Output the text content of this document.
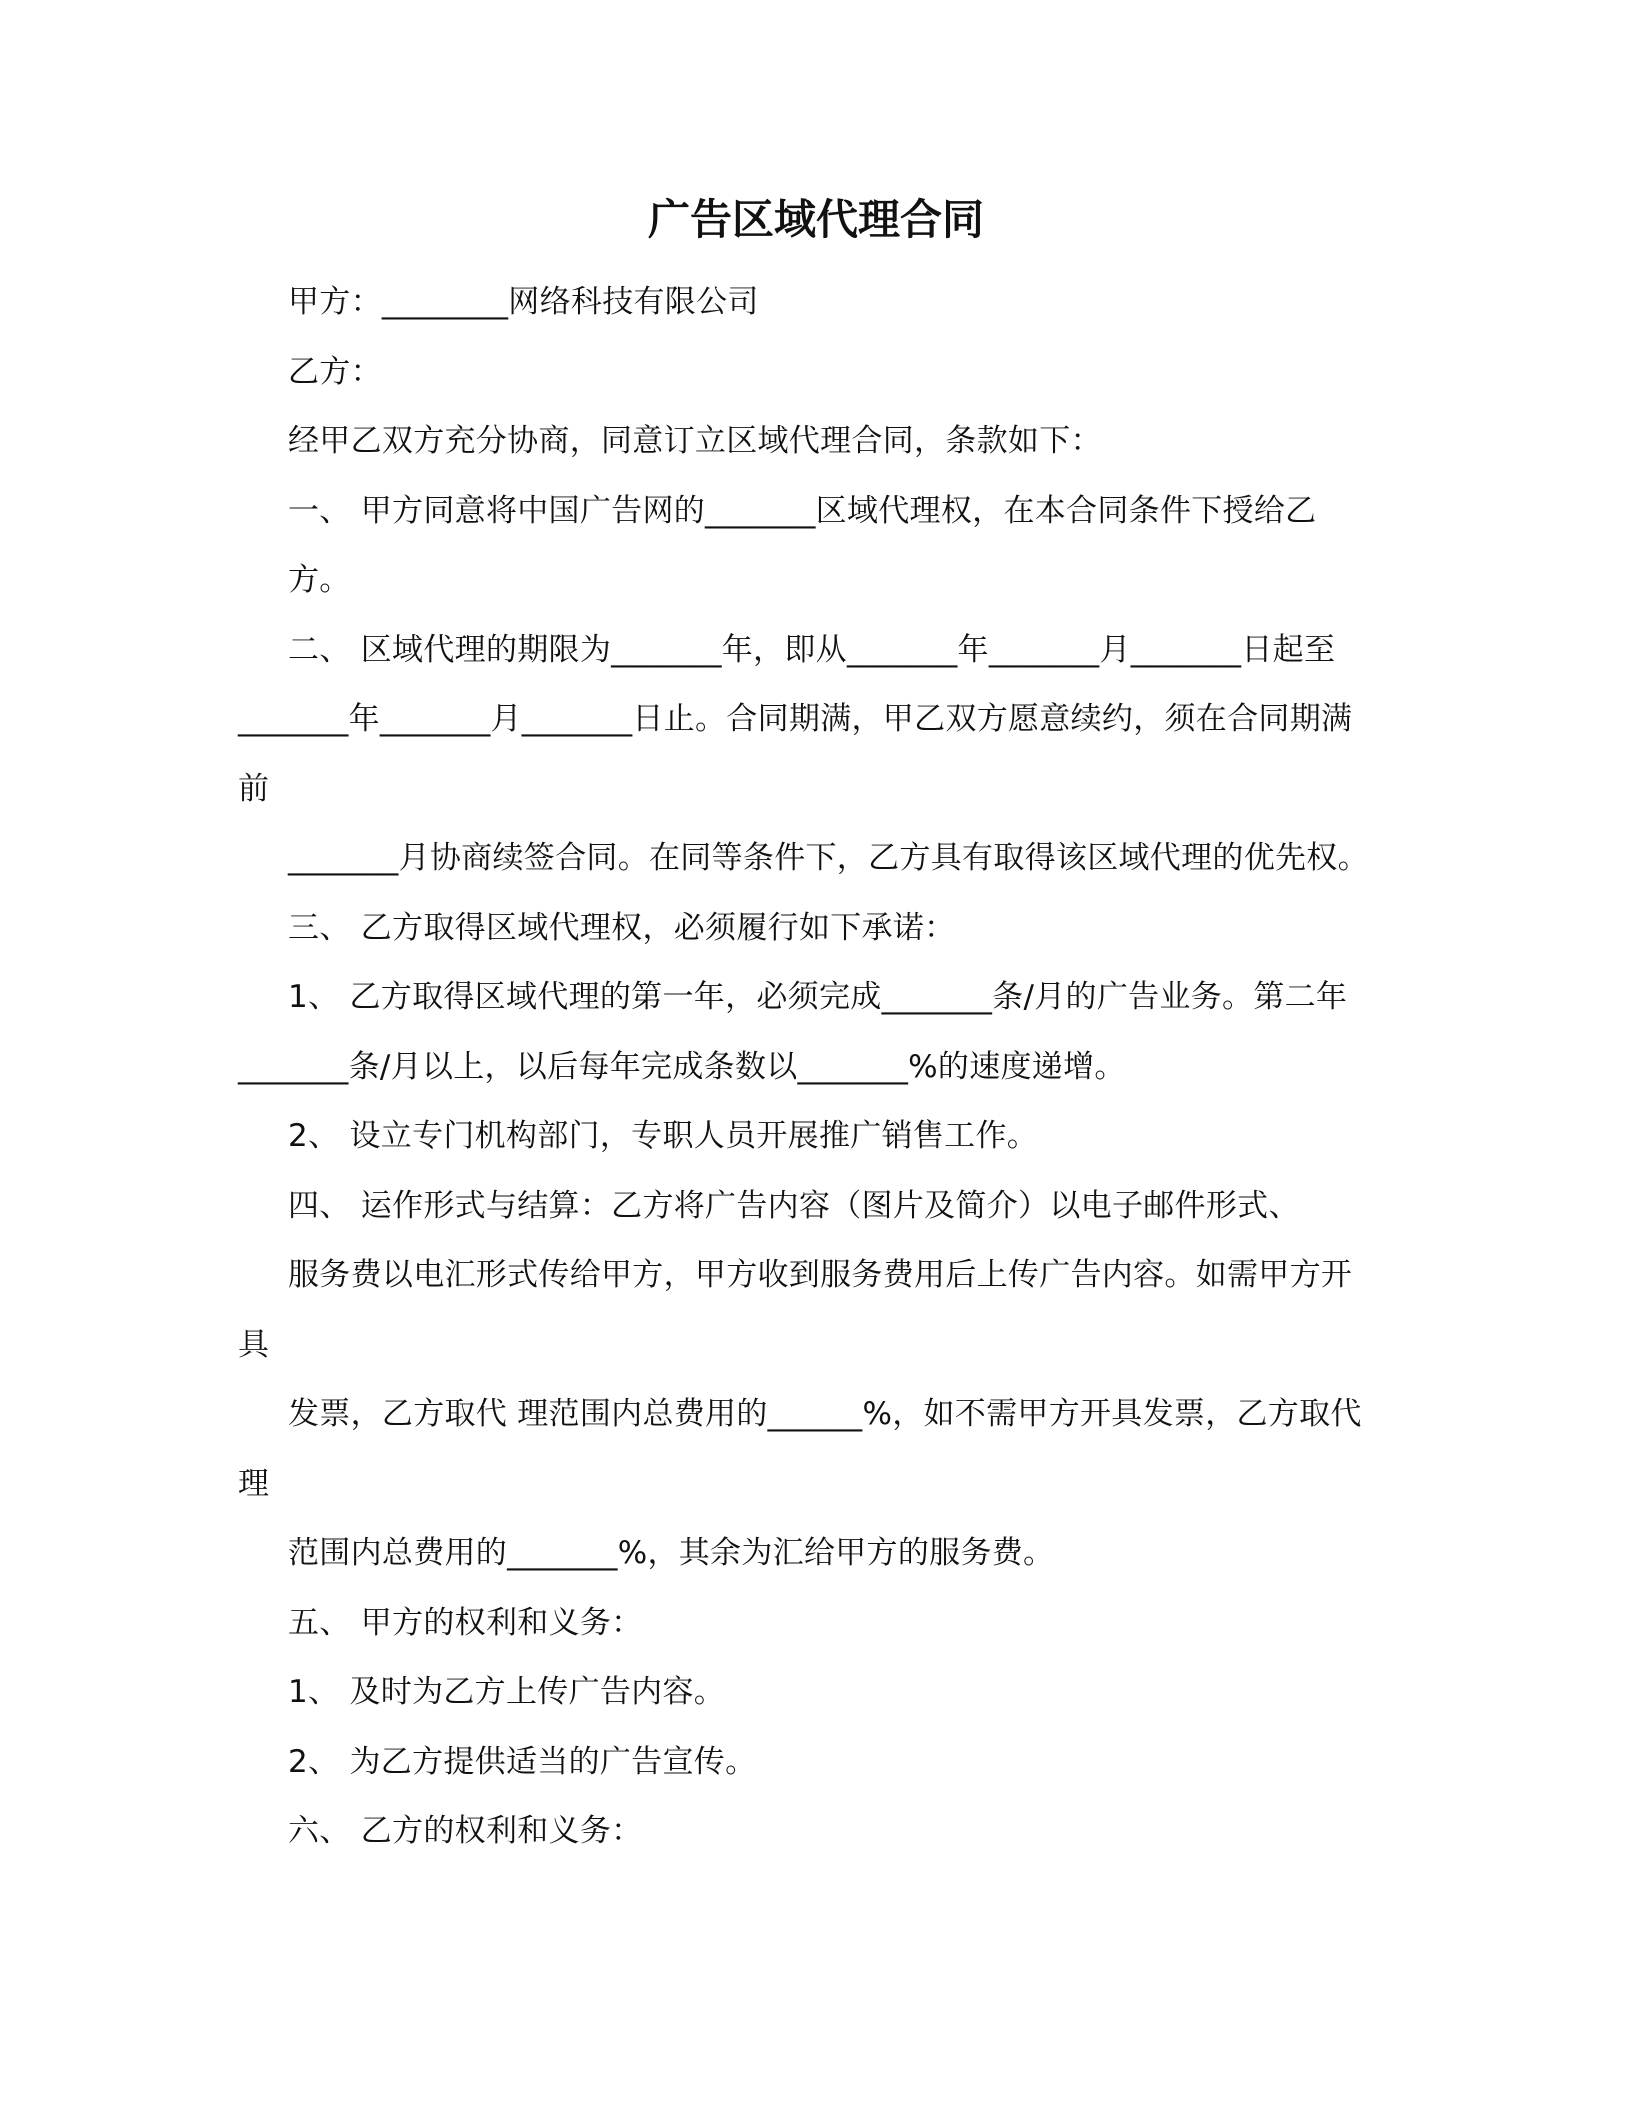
广告区域代理合同
甲方：________网络科技有限公司
乙方：
经甲乙双方充分协商，同意订立区域代理合同，条款如下：
一、 甲方同意将中国广告网的_______区域代理权，在本合同条件下授给乙
方。
二、 区域代理的期限为_______年，即从_______年_______月_______日起至
_______年_______月_______日止。合同期满，甲乙双方愿意续约，须在合同期满
前
_______月协商续签合同。在同等条件下，乙方具有取得该区域代理的优先权。
三、 乙方取得区域代理权，必须履行如下承诺：
1、 乙方取得区域代理的第一年，必须完成_______条/月的广告业务。第二年
_______条/月以上，以后每年完成条数以_______%的速度递增。
2、 设立专门机构部门，专职人员开展推广销售工作。
四、 运作形式与结算：乙方将广告内容（图片及简介）以电子邮件形式、
服务费以电汇形式传给甲方，甲方收到服务费用后上传广告内容。如需甲方开
具
发票，乙方取代 理范围内总费用的______%，如不需甲方开具发票，乙方取代
理
范围内总费用的_______%，其余为汇给甲方的服务费。
五、 甲方的权利和义务：
1、 及时为乙方上传广告内容。
2、 为乙方提供适当的广告宣传。
六、 乙方的权利和义务：
